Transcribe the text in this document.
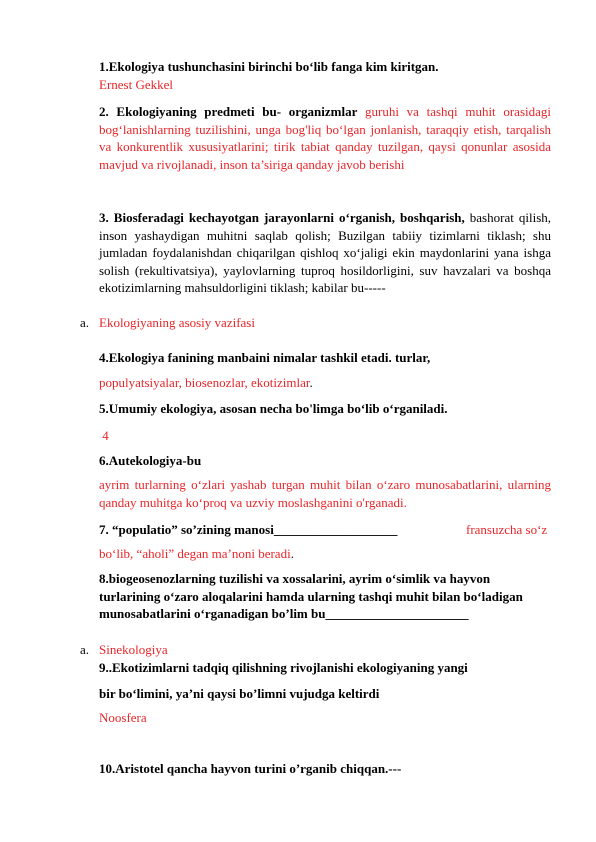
1.Ekologiya tushunchasini birinchi bo‘lib fanga kim kiritgan.
Ernest Gekkel
2. Ekologiyaning predmeti bu- organizmlar guruhi va tashqi muhit orasidagi bog‘lanishlarning tuzilishini, unga bog'liq bo‘lgan jonlanish, taraqqiy etish, tarqalish va konkurentlik xususiyatlarini; tirik tabiat qanday tuzilgan, qaysi qonunlar asosida mavjud va rivojlanadi, inson ta’siriga qanday javob berishi
3. Biosferadagi kechayotgan jarayonlarni o‘rganish, boshqarish, bashorat qilish, inson yashaydigan muhitni saqlab qolish; Buzilgan tabiiy tizimlarni tiklash; shu jumladan foydalanishdan chiqarilgan qishloq xo‘jaligi ekin maydonlarini yana ishga solish (rekultivatsiya), yaylovlarning tuproq hosildorligini, suv havzalari va boshqa ekotizimlarning mahsuldorligini tiklash; kabilar bu-----
a. Ekologiyaning asosiy vazifasi
4.Ekologiya fanining manbaini nimalar tashkil etadi. turlar,
populyatsiyalar, biosenozlar, ekotizimlar.
5.Umumiy ekologiya, asosan necha bo'limga bo‘lib o‘rganiladi.
4
6.Autekologiya-bu
ayrim turlarning o‘zlari yashab turgan muhit bilan o‘zaro munosabatlarini, ularning qanday muhitga ko‘proq va uzviy moslashganini o'rganadi.
7. “populatio” so’zining manosi___________________	fransuzcha so‘z
bo‘lib, “aholi” degan ma’noni beradi.
8.biogeosenozlarning tuzilishi va xossalarini, ayrim o‘simlik va hayvon turlarining o‘zaro aloqalarini hamda ularning tashqi muhit bilan bo‘ladigan munosabatlarini o‘rganadigan bo’lim bu______________________
a. Sinekologiya
9..Ekotizimlarni tadqiq qilishning rivojlanishi ekologiyaning yangi
bir bo‘limini, ya’ni qaysi bo’limni vujudga keltirdi
Noosfera
10.Aristotel qancha hayvon turini o’rganib chiqqan.---
